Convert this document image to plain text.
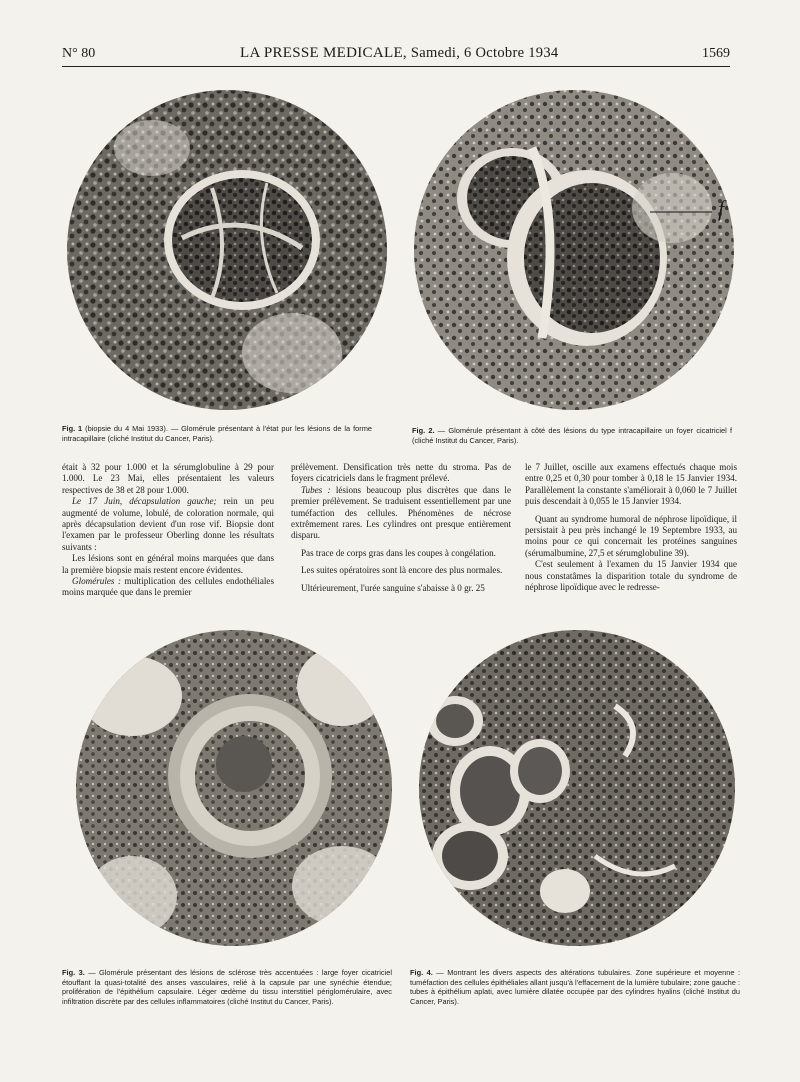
N° 80	LA PRESSE MEDICALE, Samedi, 6 Octobre 1934	1569
Fig. 1 (biopsie du 4 Mai 1933). — Glomérule présentant à l'état pur les lésions de la forme intracapillaire (cliché Institut du Cancer, Paris).
f
Fig. 2. — Glomérule présentant à côté des lésions du type intracapillaire un foyer cicatriciel f (cliché Institut du Cancer, Paris).

était à 32 pour 1.000 et la sérumglobuline à 29 pour 1.000. Le 23 Mai, elles présentaient les valeurs respectives de 38 et 28 pour 1.000.

Le 17 Juin, décapsulation gauche; rein un peu augmenté de volume, lobulé, de coloration normale, qui après décapsulation devient d'un rose vif. Biopsie dont l'examen par le professeur Oberling donne les résultats suivants :

Les lésions sont en général moins marquées que dans la première biopsie mais restent encore évidentes.

Glomérules : multiplication des cellules endothéliales moins marquée que dans le premier

prélèvement. Densification très nette du stroma. Pas de foyers cicatriciels dans le fragment prélevé.

Tubes : lésions beaucoup plus discrètes que dans le premier prélèvement. Se traduisent essentiellement par une tuméfaction des cellules. Phénomènes de nécrose extrêmement rares. Les cylindres ont presque entièrement disparu.

Pas trace de corps gras dans les coupes à congélation.

Les suites opératoires sont là encore des plus normales.

Ultérieurement, l'urée sanguine s'abaisse à 0 gr. 25

le 7 Juillet, oscille aux examens effectués chaque mois entre 0,25 et 0,30 pour tomber à 0,18 le 15 Janvier 1934. Parallèlement la constante s'améliorait à 0,060 le 7 Juillet puis descendait à 0,055 le 15 Janvier 1934.

Quant au syndrome humoral de néphrose lipoïdique, il persistait à peu près inchangé le 19 Septembre 1933, au moins pour ce qui concernait les protéines sanguines (sérumalbumine, 27,5 et sérumglobuline 39).

C'est seulement à l'examen du 15 Janvier 1934 que nous constatâmes la disparition totale du syndrome de néphrose lipoïdique avec le redresse-

Fig. 3. — Glomérule présentant des lésions de sclérose très accentuées : large foyer cicatriciel étouffant la quasi-totalité des anses vasculaires, relié à la capsule par une synéchie étendue; prolifération de l'épithélium capsulaire. Léger œdème du tissu interstitiel périglomérulaire, avec infiltration discrète par des cellules inflammatoires (cliché Institut du Cancer, Paris).
Fig. 4. — Montrant les divers aspects des altérations tubulaires. Zone supérieure et moyenne : tuméfaction des cellules épithéliales allant jusqu'à l'effacement de la lumière tubulaire; zone gauche : tubes à épithélium aplati, avec lumière dilatée occupée par des cylindres hyalins (cliché Institut du Cancer, Paris).
